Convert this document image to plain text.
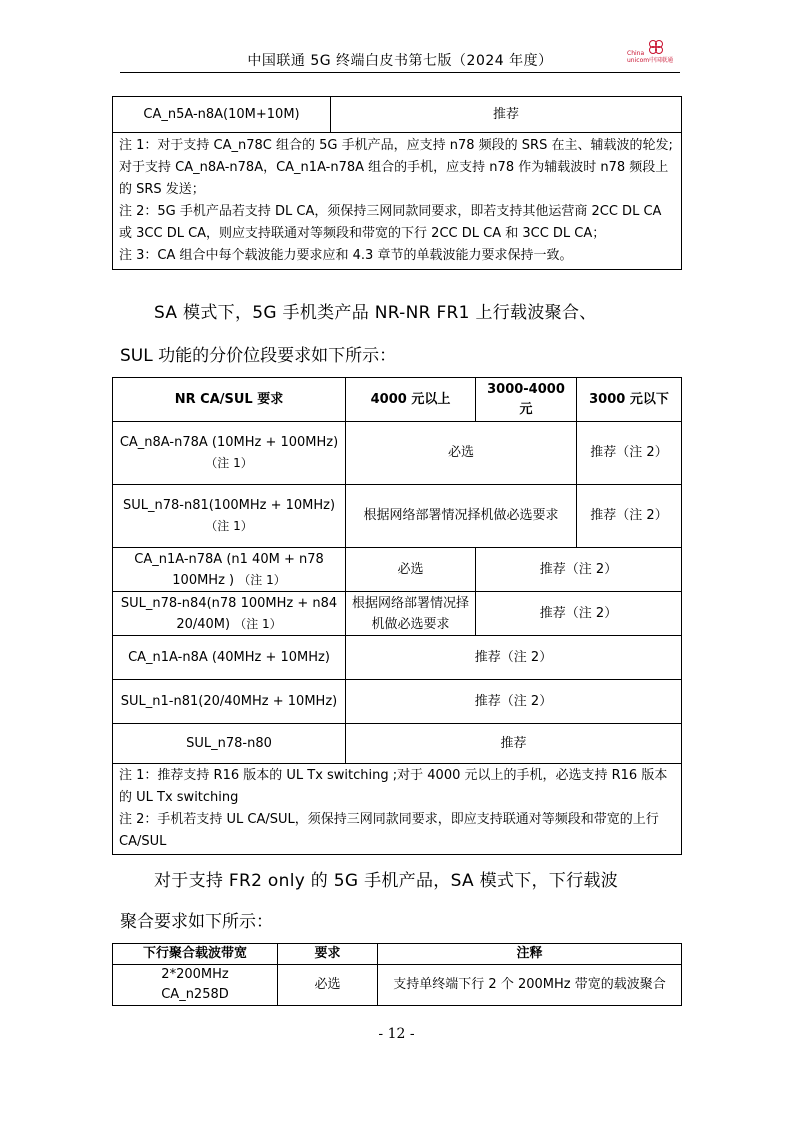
中国联通 5G 终端白皮书第七版（2024 年度）	China
unicom中国联通
CA_n5A-n8A(10M+10M)	推荐

注 1：对于支持 CA_n78C 组合的 5G 手机产品，应支持 n78 频段的 SRS 在主、辅载波的轮发;对于支持 CA_n8A-n78A，CA_n1A-n78A 组合的手机，应支持 n78 作为辅载波时 n78 频段上的 SRS 发送；
注 2：5G 手机产品若支持 DL CA，须保持三网同款同要求，即若支持其他运营商 2CC DL CA 或 3CC DL CA，则应支持联通对等频段和带宽的下行 2CC DL CA 和 3CC DL CA；
注 3：CA 组合中每个载波能力要求应和 4.3 章节的单载波能力要求保持一致。
SA 模式下，5G 手机类产品 NR-NR FR1 上行载波聚合、
SUL 功能的分价位段要求如下所示：
NR CA/SUL 要求	4000 元以上	3000-4000 元	3000 元以下

CA_n8A-n78A (10MHz + 100MHz)
（注 1）	必选		推荐（注 2）

SUL_n78-n81(100MHz + 10MHz)
（注 1）	根据网络部署情况择机做必选要求		推荐（注 2）
CA_n1A-n78A (n1 40M + n78 100MHz ) （注 1）	必选	推荐（注 2）	
SUL_n78-n84(n78 100MHz + n84 20/40M) （注 1）	根据网络部署情况择机做必选要求	推荐（注 2）	
CA_n1A-n8A (40MHz + 10MHz)	推荐（注 2）		
SUL_n1-n81(20/40MHz + 10MHz)	推荐（注 2）		
SUL_n78-n80	推荐		

注 1：推荐支持 R16 版本的 UL Tx switching ;对于 4000 元以上的手机，必选支持 R16 版本的 UL Tx switching
注 2：手机若支持 UL CA/SUL，须保持三网同款同要求，即应支持联通对等频段和带宽的上行 CA/SUL			
对于支持 FR2 only 的 5G 手机产品，SA 模式下，下行载波
聚合要求如下所示：
下行聚合载波带宽	要求	注释

2*200MHz
CA_n258D	必选	支持单终端下行 2 个 200MHz 带宽的载波聚合
- 12 -
